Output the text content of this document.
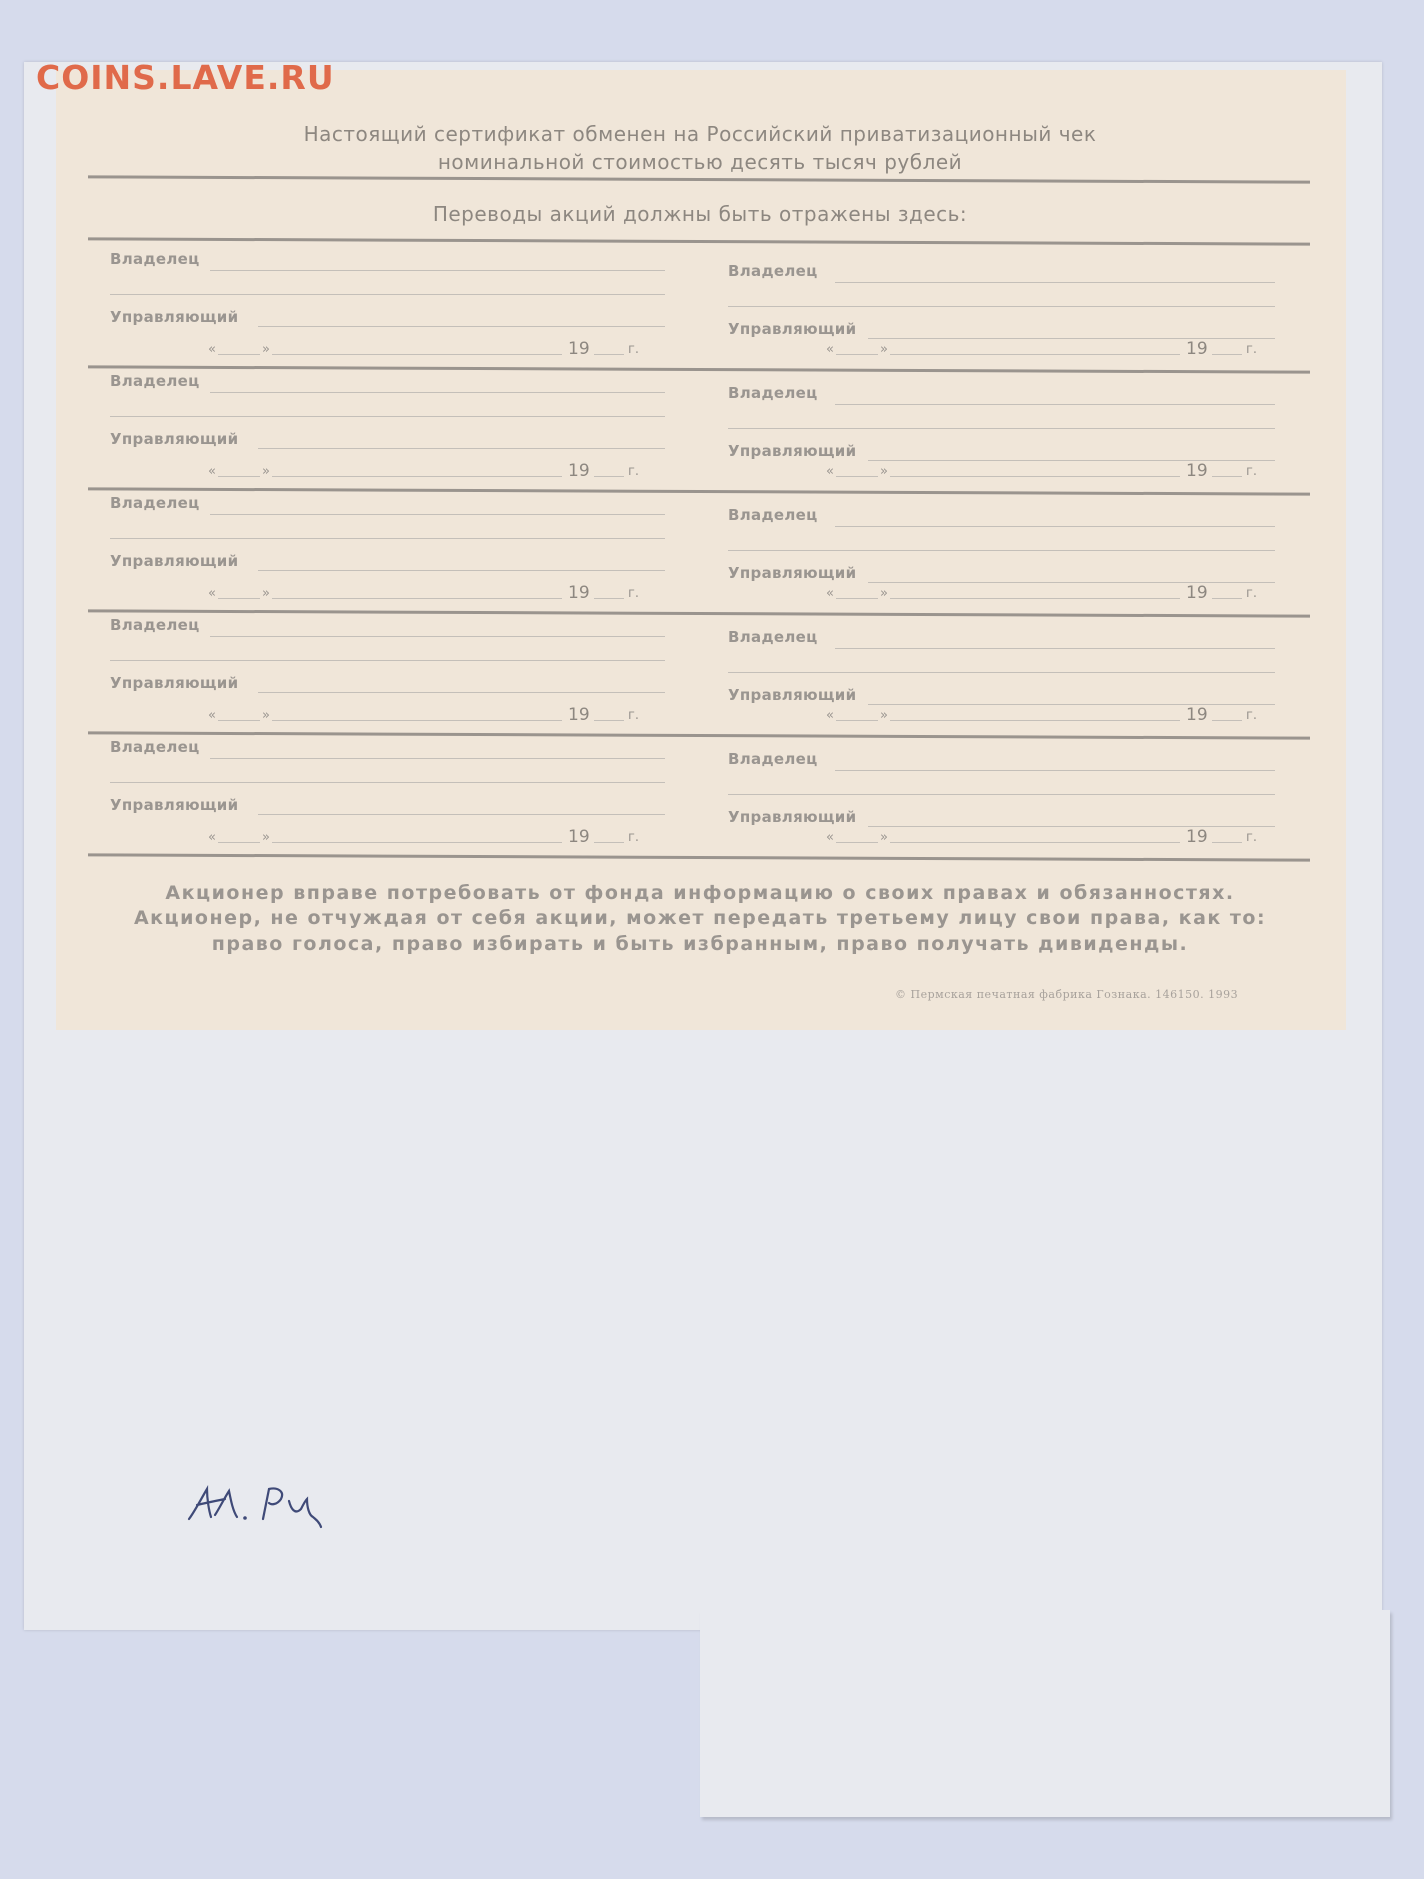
COINS.LAVE.RU
Настоящий сертификат обменен на Российский приватизационный чек
номинальной стоимостью десять тысяч рублей
Переводы акций должны быть отражены здесь:
Владелец
Управляющий
«	»	19	г.
Владелец
Управляющий
«	»	19	г.
Владелец
Управляющий
«	»	19	г.
Владелец
Управляющий
«	»	19	г.
Владелец
Управляющий
«	»	19	г.
Владелец
Управляющий
«	»	19	г.
Владелец
Управляющий
«	»	19	г.
Владелец
Управляющий
«	»	19	г.
Владелец
Управляющий
«	»	19	г.
Владелец
Управляющий
«	»	19	г.
Акционер вправе потребовать от фонда информацию о своих правах и обязанностях.
Акционер, не отчуждая от себя акции, может передать третьему лицу свои права, как то:
право голоса, право избирать и быть избранным, право получать дивиденды.
© Пермская печатная фабрика Гознака. 146150. 1993
